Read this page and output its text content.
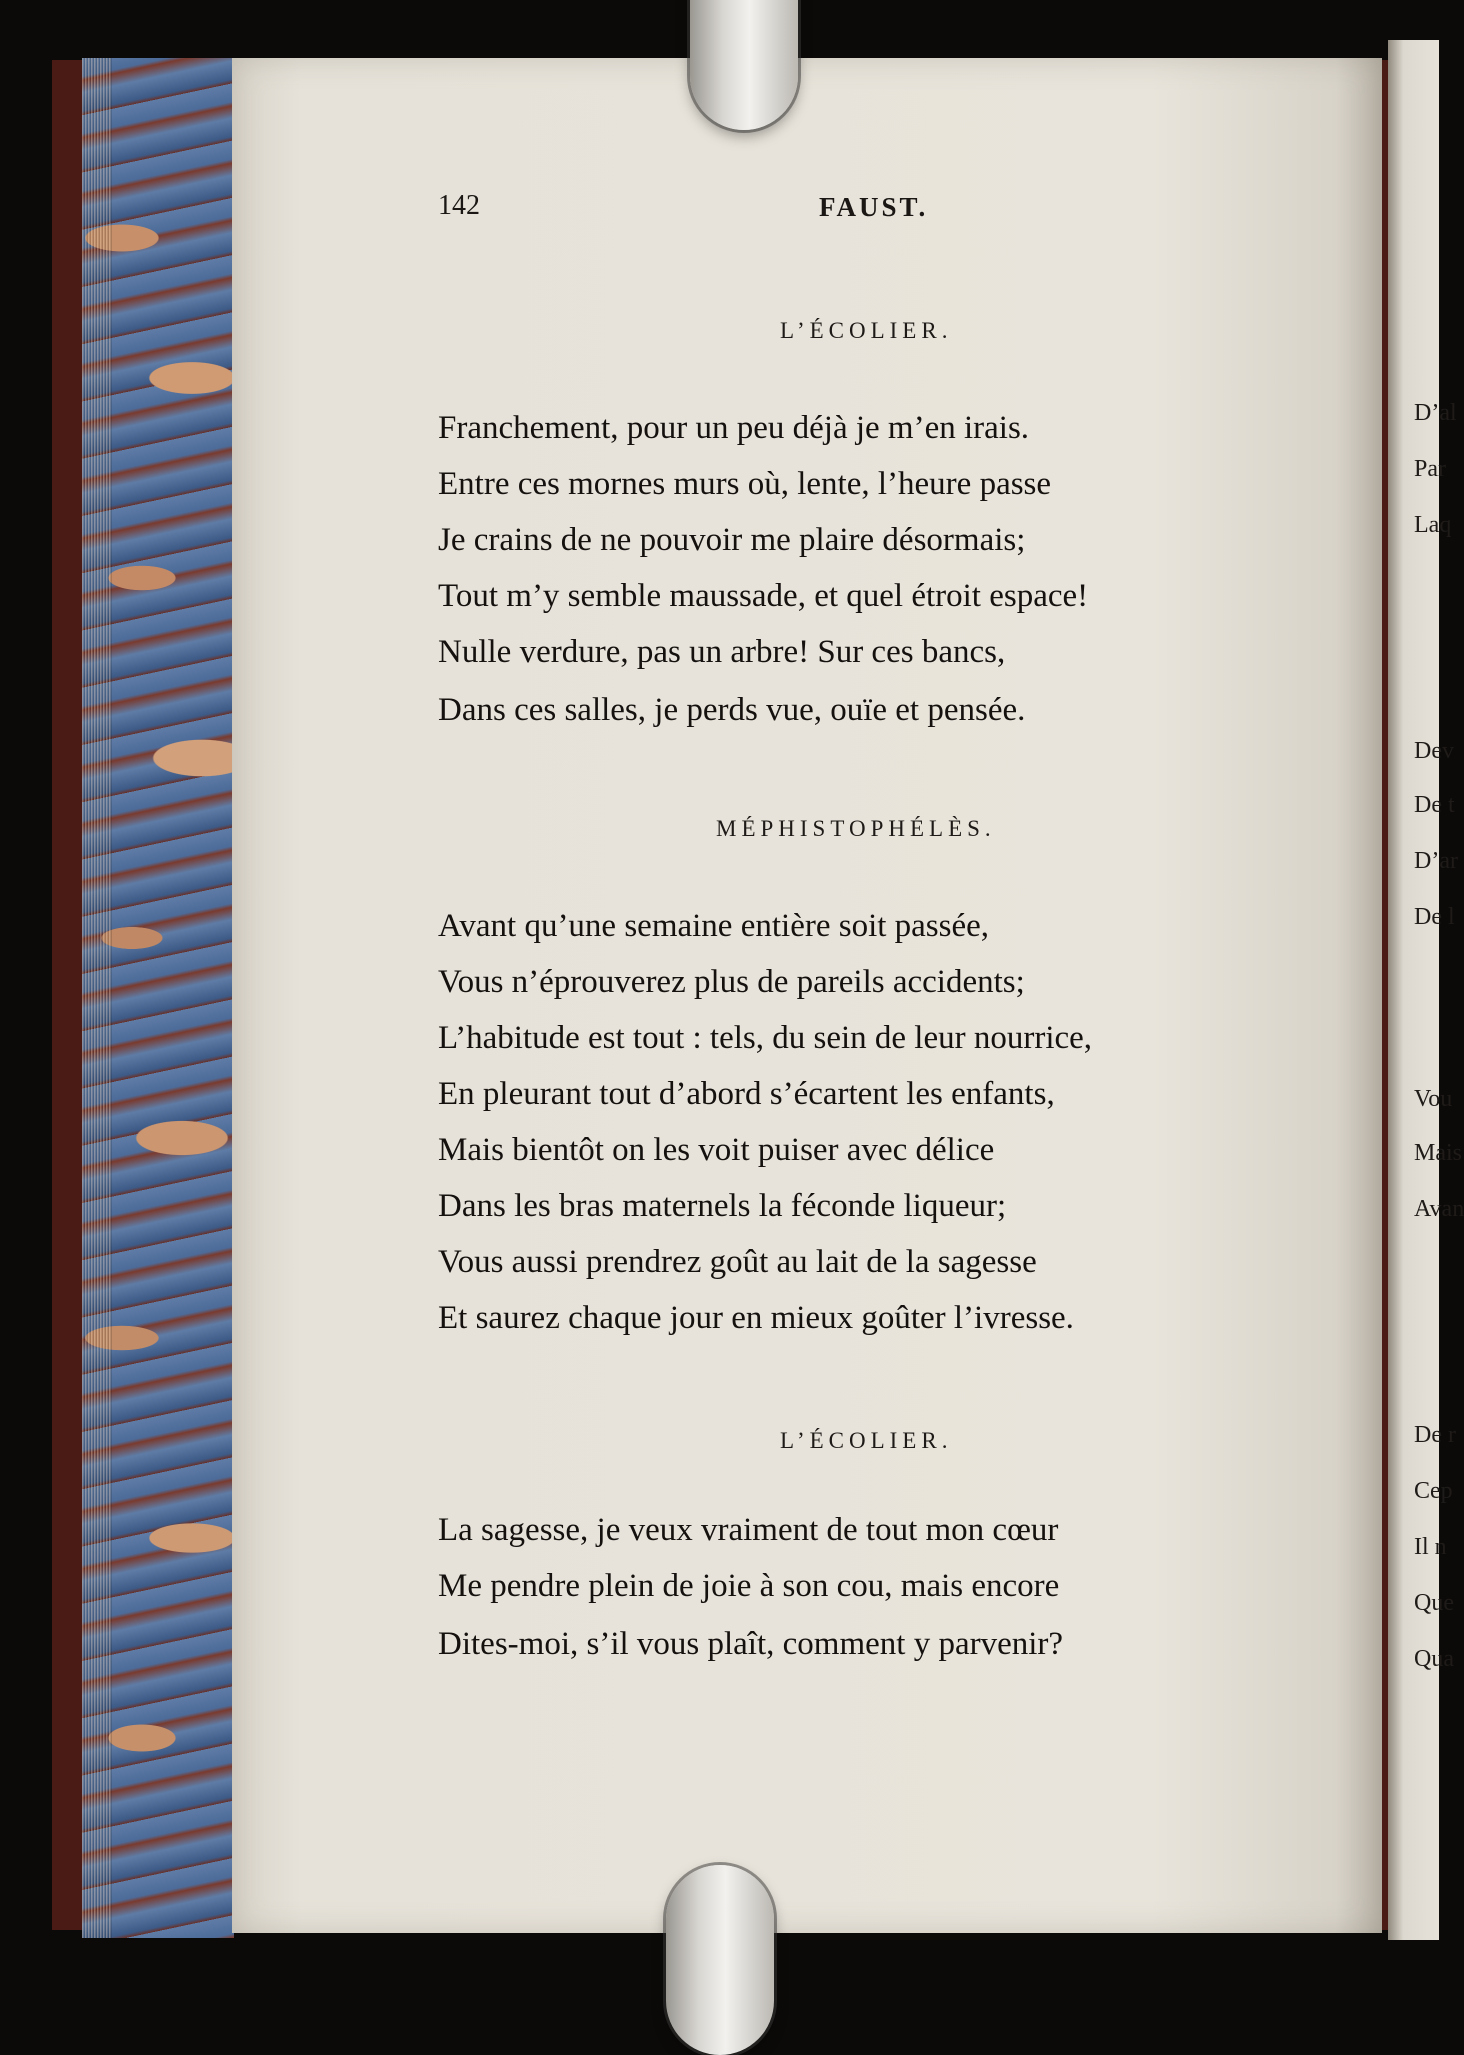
D’al
Par
Laq
Dev
De t
D’ar
De l
Vou
Mais
Avan
De r
Cep
Il n
Que
Qua
142	FAUST.
L’ÉCOLIER.
Franchement, pour un peu déjà je m’en irais.
Entre ces mornes murs où, lente, l’heure passe
Je crains de ne pouvoir me plaire désormais;
Tout m’y semble maussade, et quel étroit espace!
Nulle verdure, pas un arbre! Sur ces bancs,
Dans ces salles, je perds vue, ouïe et pensée.
MÉPHISTOPHÉLÈS.
Avant qu’une semaine entière soit passée,
Vous n’éprouverez plus de pareils accidents;
L’habitude est tout : tels, du sein de leur nourrice,
En pleurant tout d’abord s’écartent les enfants,
Mais bientôt on les voit puiser avec délice
Dans les bras maternels la féconde liqueur;
Vous aussi prendrez goût au lait de la sagesse
Et saurez chaque jour en mieux goûter l’ivresse.
L’ÉCOLIER.
La sagesse, je veux vraiment de tout mon cœur
Me pendre plein de joie à son cou, mais encore
Dites-moi, s’il vous plaît, comment y parvenir?
